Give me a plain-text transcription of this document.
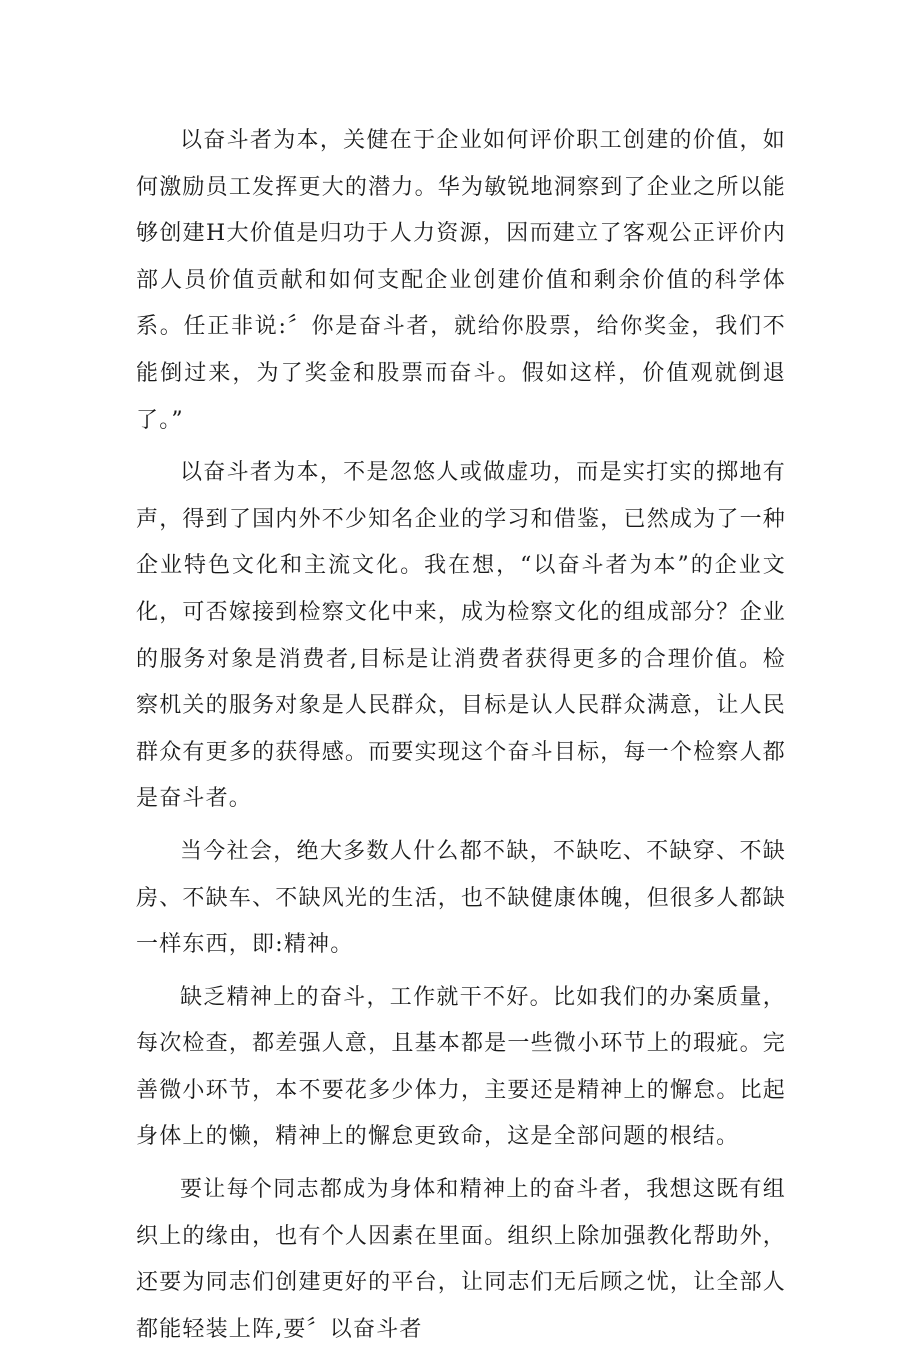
以奋斗者为本，关健在于企业如何评价职工创建的价值，如何激励员工发挥更大的潜力。华为敏锐地洞察到了企业之所以能够创建H大价值是归功于人力资源，因而建立了客观公正评价内部人员价值贡献和如何支配企业创建价值和剩余价值的科学体系。任正非说:〞你是奋斗者，就给你股票，给你奖金，我们不能倒过来，为了奖金和股票而奋斗。假如这样，价值观就倒退了。”

以奋斗者为本，不是忽悠人或做虚功，而是实打实的掷地有声，得到了国内外不少知名企业的学习和借鉴，已然成为了一种企业特色文化和主流文化。我在想，“以奋斗者为本”的企业文化，可否嫁接到检察文化中来，成为检察文化的组成部分？企业的服务对象是消费者,目标是让消费者获得更多的合理价值。检察机关的服务对象是人民群众，目标是认人民群众满意，让人民群众有更多的获得感。而要实现这个奋斗目标，每一个检察人都是奋斗者。

当今社会，绝大多数人什么都不缺，不缺吃、不缺穿、不缺房、不缺车、不缺风光的生活，也不缺健康体魄，但很多人都缺一样东西，即:精神。

缺乏精神上的奋斗，工作就干不好。比如我们的办案质量，每次检查，都差强人意，且基本都是一些微小环节上的瑕疵。完善微小环节，本不要花多少体力，主要还是精神上的懈怠。比起身体上的懒，精神上的懈怠更致命，这是全部问题的根结。

要让每个同志都成为身体和精神上的奋斗者，我想这既有组织上的缘由，也有个人因素在里面。组织上除加强教化帮助外，还要为同志们创建更好的平台，让同志们无后顾之忧，让全部人都能轻装上阵,要〞以奋斗者
